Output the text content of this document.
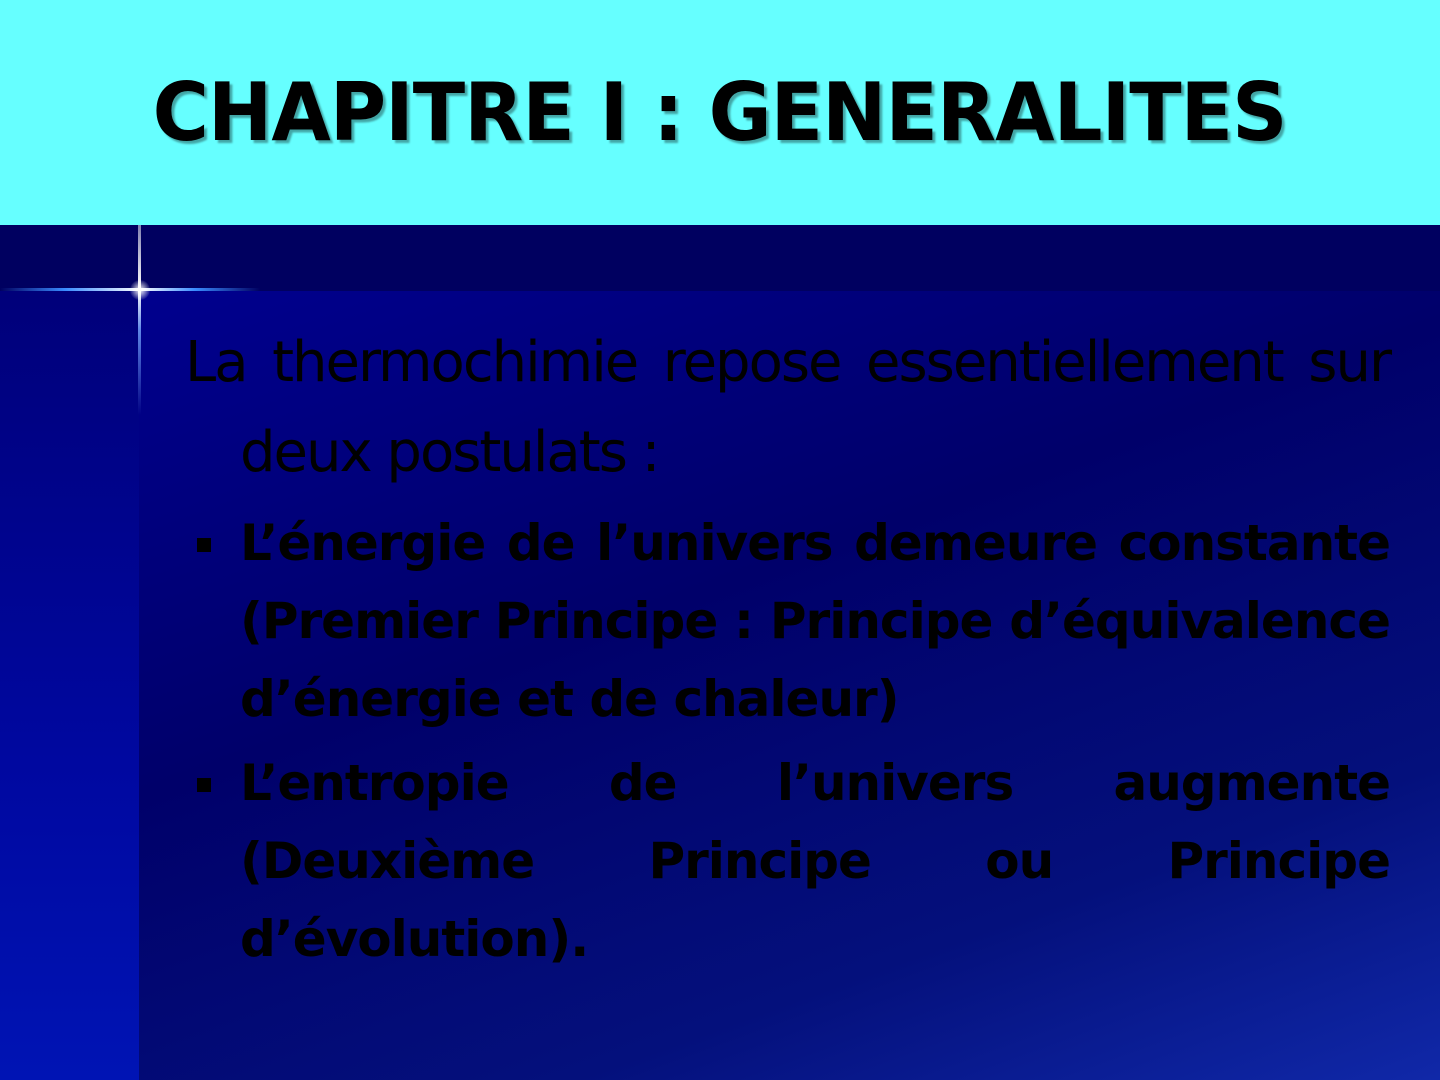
CHAPITRE I : GENERALITES

La thermochimie repose essentiellement sur deux postulats :

L’énergie de l’univers demeure constante (Premier Principe : Principe d’équivalence d’énergie et de chaleur)
L’entropie de l’univers augmente (Deuxième Principe ou Principe d’évolution).
